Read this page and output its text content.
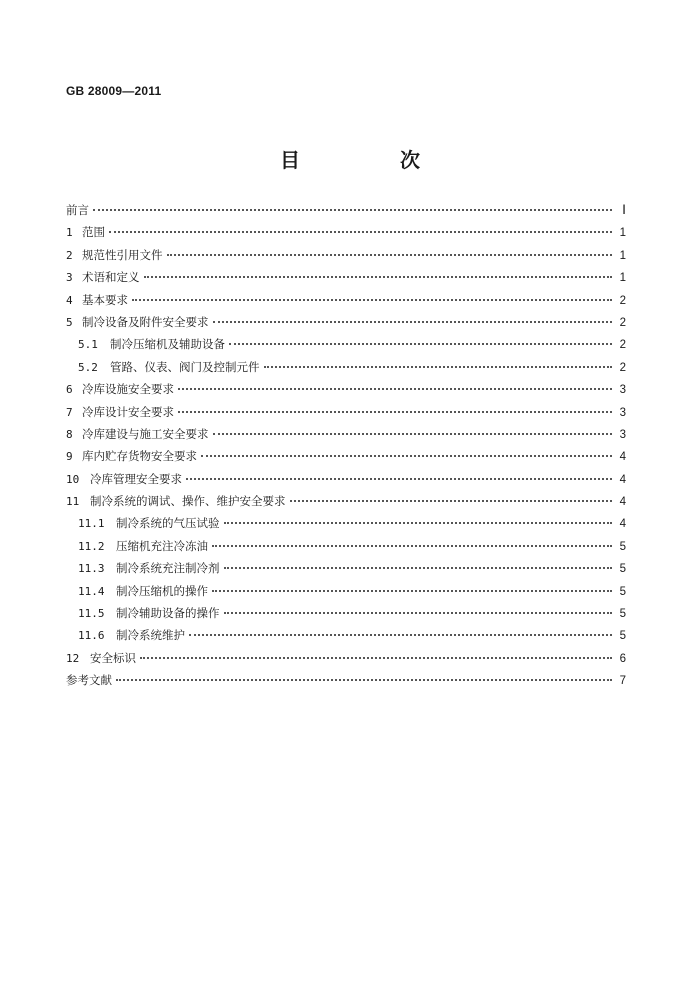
GB 28009—2011
目　次
前言	Ⅰ
1 范围	1
2 规范性引用文件	1
3 术语和定义	1
4 基本要求	2
5 制冷设备及附件安全要求	2
5.1	制冷压缩机及辅助设备	2
5.2	管路、仪表、阀门及控制元件	2
6 冷库设施安全要求	3
7 冷库设计安全要求	3
8 冷库建设与施工安全要求	3
9 库内贮存货物安全要求	4
10 冷库管理安全要求	4
11 制冷系统的调试、操作、维护安全要求	4
11.1	制冷系统的气压试验	4
11.2	压缩机充注冷冻油	5
11.3	制冷系统充注制冷剂	5
11.4	制冷压缩机的操作	5
11.5	制冷辅助设备的操作	5
11.6	制冷系统维护	5
12 安全标识	6
参考文献	7
